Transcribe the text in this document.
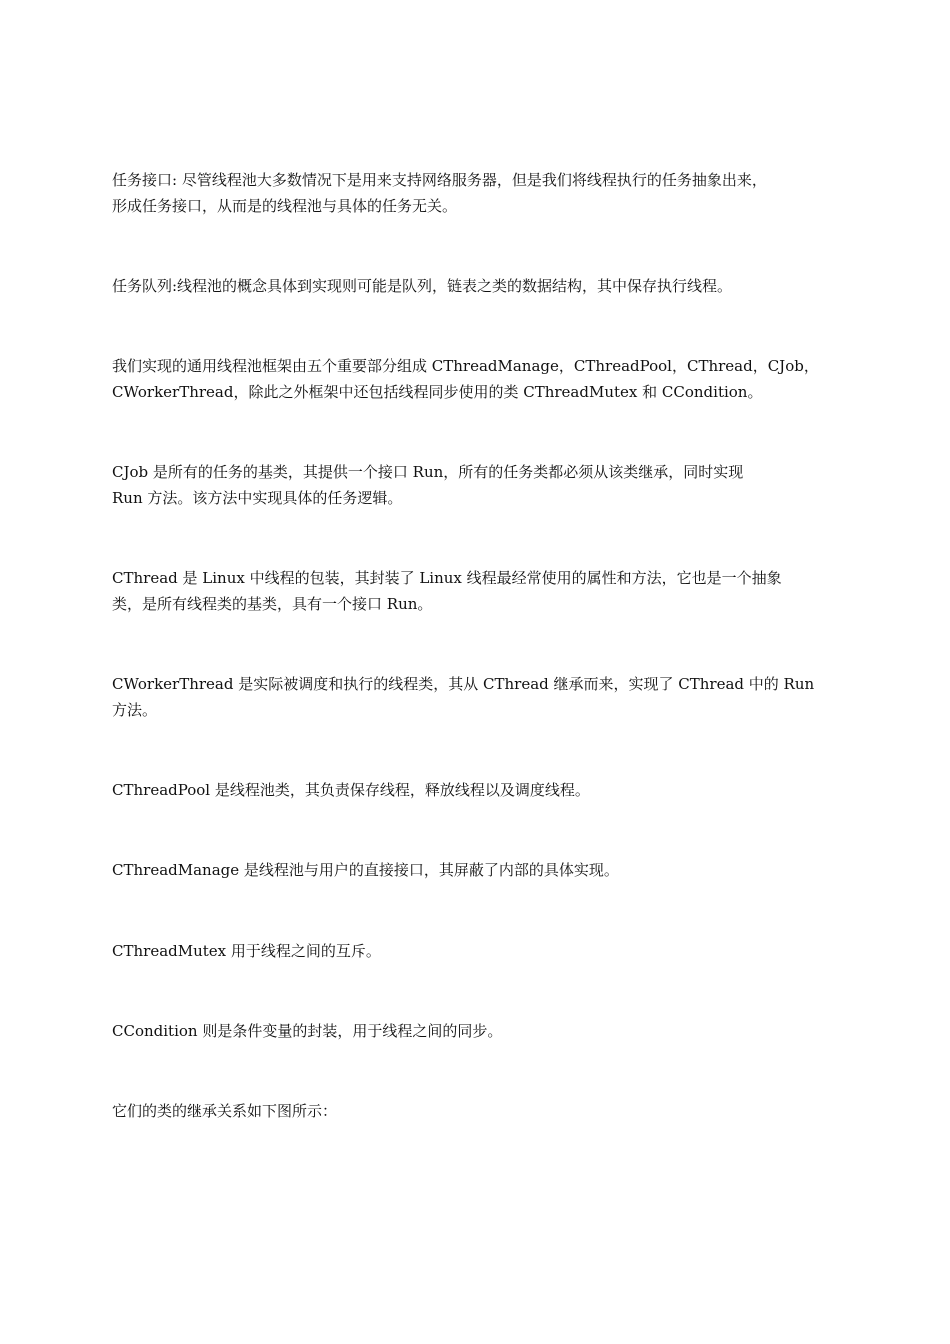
任务接口: 尽管线程池大多数情况下是用来支持网络服务器，但是我们将线程执行的任务抽象出来，
形成任务接口，从而是的线程池与具体的任务无关。

任务队列:线程池的概念具体到实现则可能是队列，链表之类的数据结构，其中保存执行线程。

我们实现的通用线程池框架由五个重要部分组成 CThreadManage，CThreadPool，CThread，CJob，
CWorkerThread，除此之外框架中还包括线程同步使用的类 CThreadMutex 和 CCondition。

CJob 是所有的任务的基类，其提供一个接口 Run，所有的任务类都必须从该类继承，同时实现
Run 方法。该方法中实现具体的任务逻辑。

CThread 是 Linux 中线程的包装，其封装了 Linux 线程最经常使用的属性和方法，它也是一个抽象
类，是所有线程类的基类，具有一个接口 Run。

CWorkerThread 是实际被调度和执行的线程类，其从 CThread 继承而来，实现了 CThread 中的 Run
方法。

CThreadPool 是线程池类，其负责保存线程，释放线程以及调度线程。

CThreadManage 是线程池与用户的直接接口，其屏蔽了内部的具体实现。

CThreadMutex 用于线程之间的互斥。

CCondition 则是条件变量的封装，用于线程之间的同步。

它们的类的继承关系如下图所示：
